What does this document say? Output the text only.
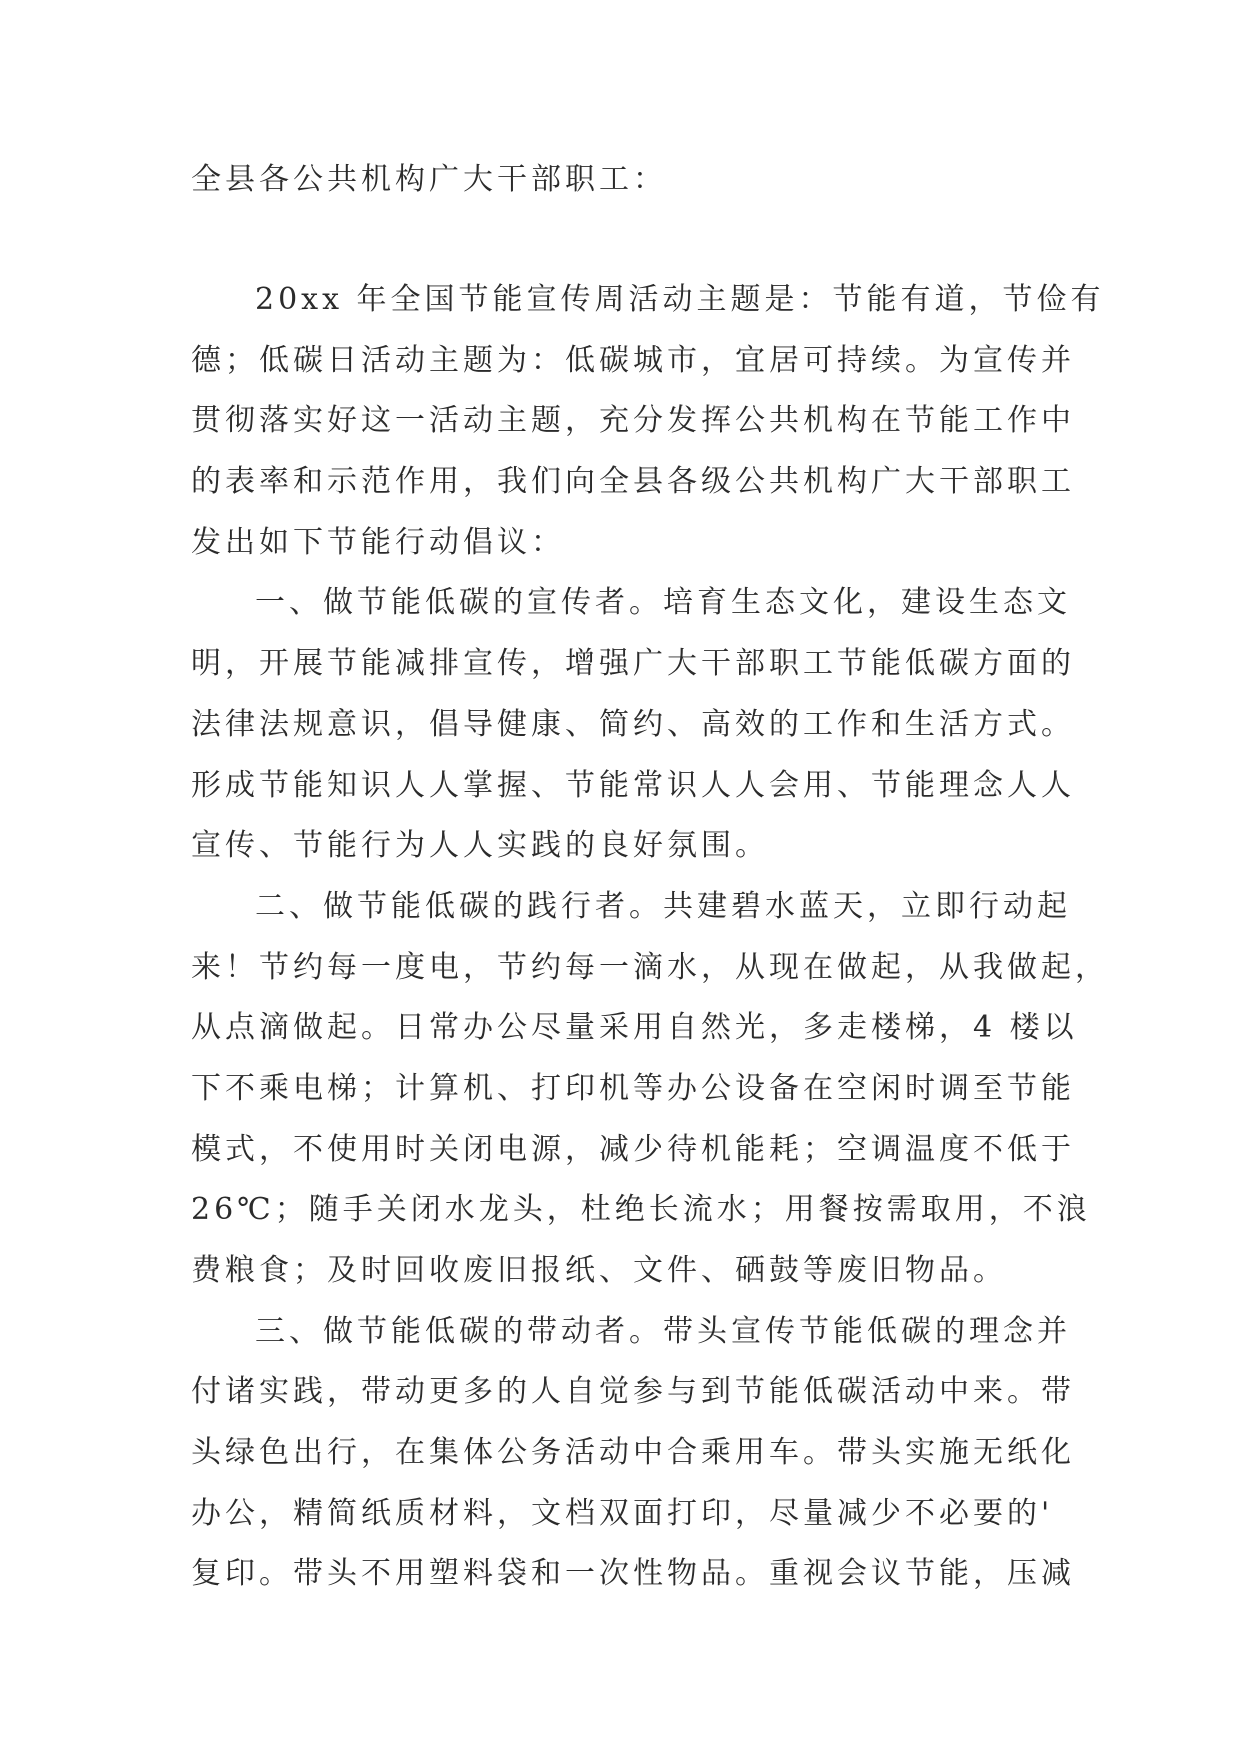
全县各公共机构广大干部职工：

20xx 年全国节能宣传周活动主题是：节能有道，节俭有
德；低碳日活动主题为：低碳城市，宜居可持续。为宣传并
贯彻落实好这一活动主题，充分发挥公共机构在节能工作中
的表率和示范作用，我们向全县各级公共机构广大干部职工
发出如下节能行动倡议：
一、做节能低碳的宣传者。培育生态文化，建设生态文
明，开展节能减排宣传，增强广大干部职工节能低碳方面的
法律法规意识，倡导健康、简约、高效的工作和生活方式。
形成节能知识人人掌握、节能常识人人会用、节能理念人人
宣传、节能行为人人实践的良好氛围。
二、做节能低碳的践行者。共建碧水蓝天，立即行动起
来！节约每一度电，节约每一滴水，从现在做起，从我做起，
从点滴做起。日常办公尽量采用自然光，多走楼梯，4 楼以
下不乘电梯；计算机、打印机等办公设备在空闲时调至节能
模式，不使用时关闭电源，减少待机能耗；空调温度不低于
26℃；随手关闭水龙头，杜绝长流水；用餐按需取用，不浪
费粮食；及时回收废旧报纸、文件、硒鼓等废旧物品。
三、做节能低碳的带动者。带头宣传节能低碳的理念并
付诸实践，带动更多的人自觉参与到节能低碳活动中来。带
头绿色出行，在集体公务活动中合乘用车。带头实施无纸化
办公，精简纸质材料，文档双面打印，尽量减少不必要的'
复印。带头不用塑料袋和一次性物品。重视会议节能，压减
